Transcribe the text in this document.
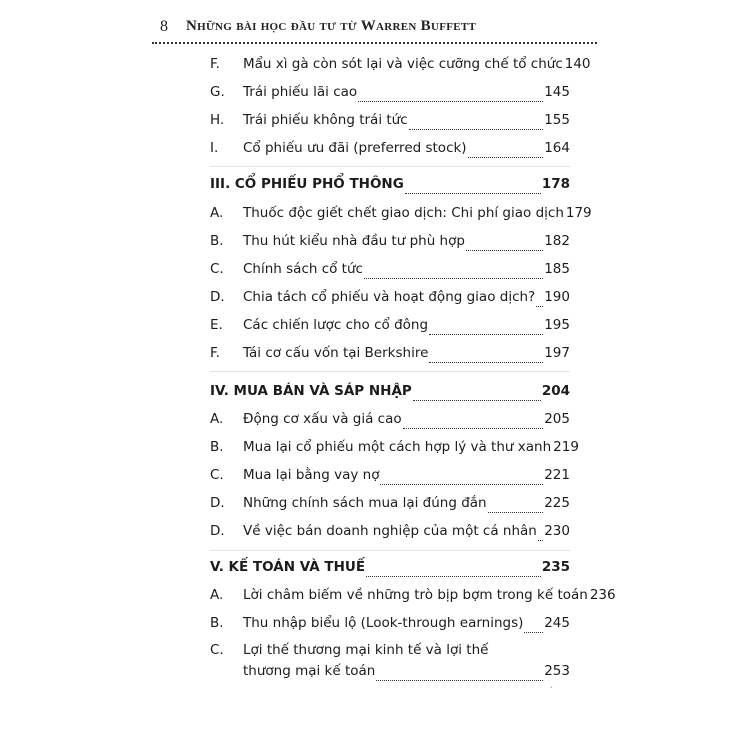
8 Những bài học đầu tư từ Warren Buffett
F.	Mẩu xì gà còn sót lại và việc cưỡng chế tổ chức 140
G.	Trái phiếu lãi cao	145
H.	Trái phiếu không trái tức	155
I.	Cổ phiếu ưu đãi (preferred stock)	164
III. CỔ PHIẾU PHỔ THÔNG	178
A.	Thuốc độc giết chết giao dịch: Chi phí giao dịch 179
B.	Thu hút kiểu nhà đầu tư phù hợp	182
C.	Chính sách cổ tức	185
D.	Chia tách cổ phiếu và hoạt động giao dịch? 190
E.	Các chiến lược cho cổ đông	195
F.	Tái cơ cấu vốn tại Berkshire	197
IV. MUA BÁN VÀ SÁP NHẬP	204
A.	Động cơ xấu và giá cao	205
B.	Mua lại cổ phiếu một cách hợp lý và thư xanh 219
C.	Mua lại bằng vay nợ	221
D.	Những chính sách mua lại đúng đắn	225
D.	Về việc bán doanh nghiệp của một cá nhân 230
V. KẾ TOÁN VÀ THUẾ	235
A.	Lời châm biếm về những trò bịp bợm trong kế toán 236
B.	Thu nhập biểu lộ (Look-through earnings) 245
C.	Lợi thế thương mại kinh tế và lợi thế
thương mại kế toán	253
·
